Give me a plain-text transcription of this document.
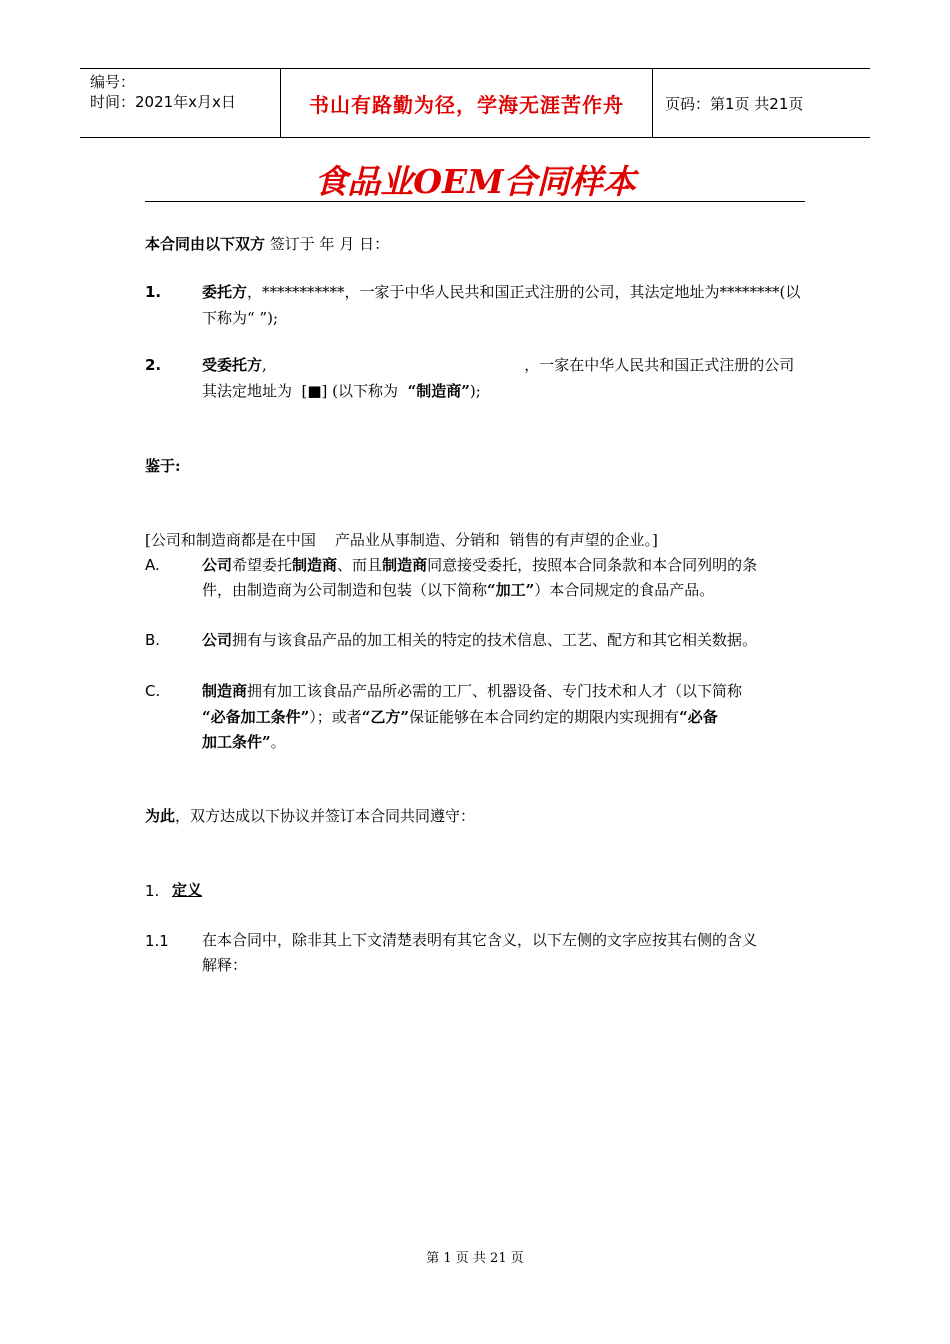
编号：
时间：2021年x月x日	书山有路勤为径，学海无涯苦作舟	页码：第1页 共21页
食品业OEM合同样本
本合同由以下双方 签订于 年 月 日：
1.	委托方，***********，一家于中华人民共和国正式注册的公司，其法定地址为********(以
下称为“ ”);
2.	受委托方,                                                      ，一家在中华人民共和国正式注册的公司
其法定地址为  [■] (以下称为  “制造商”);
鉴于:
[公司和制造商都是在中国    产品业从事制造、分销和  销售的有声望的企业。]
A.	公司希望委托制造商、而且制造商同意接受委托，按照本合同条款和本合同列明的条
件，由制造商为公司制造和包装（以下简称“加工”）本合同规定的食品产品。
B.	公司拥有与该食品产品的加工相关的特定的技术信息、工艺、配方和其它相关数据。
C.	制造商拥有加工该食品产品所必需的工厂、机器设备、专门技术和人才（以下简称
“必备加工条件”）；或者“乙方”保证能够在本合同约定的期限内实现拥有“必备
加工条件”。
为此，双方达成以下协议并签订本合同共同遵守：
1. 定义
1.1 在本合同中，除非其上下文清楚表明有其它含义，以下左侧的文字应按其右侧的含义
解释：
第 1 页 共 21 页
